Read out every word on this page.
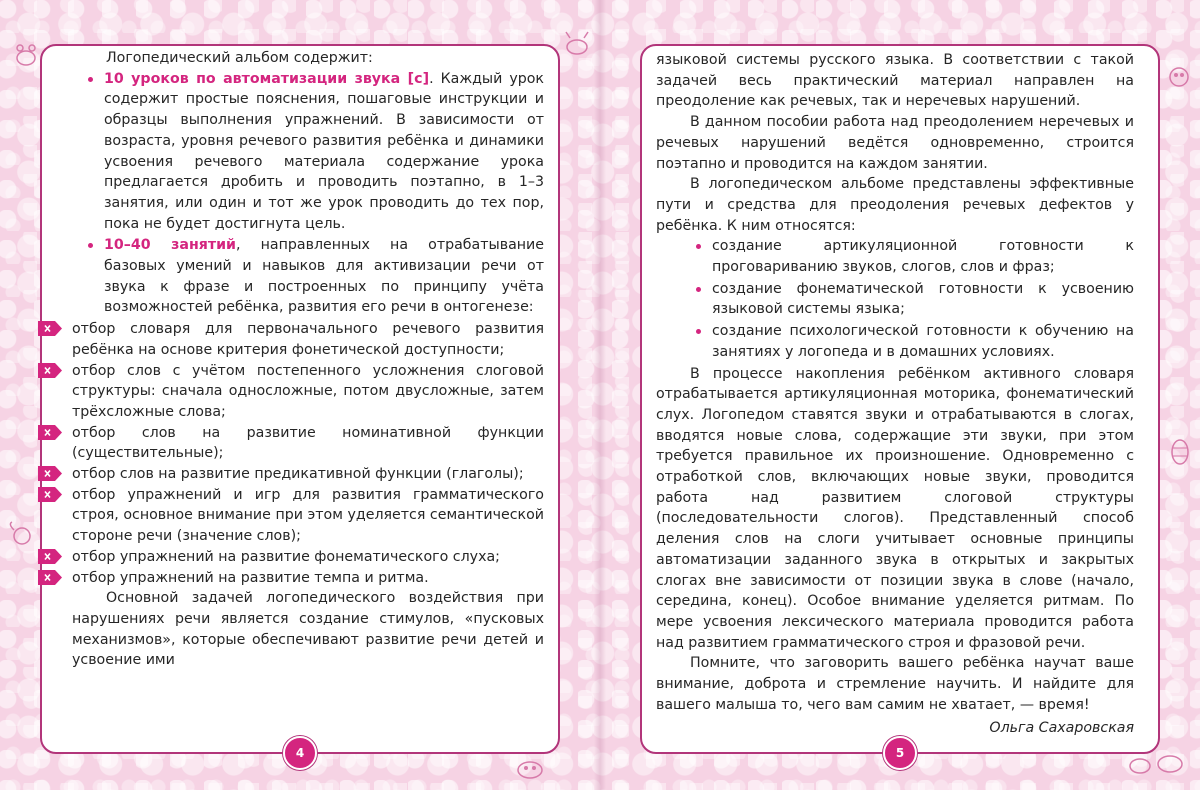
Логопедический альбом содержит:

10 уроков по автоматизации звука [с]. Каждый урок содержит простые пояснения, пошаговые инструкции и образцы выполнения упражнений. В зависимости от возраста, уровня речевого развития ребёнка и динамики усвоения речевого материала содержание урока предлагается дробить и проводить поэтапно, в 1–3 занятия, или один и тот же урок проводить до тех пор, пока не будет достигнута цель.
10–40 занятий, направленных на отрабатывание базовых умений и навыков для активизации речи от звука к фразе и построенных по принципу учёта возможностей ребёнка, развития его речи в онтогенезе:
отбор словаря для первоначального речевого развития ребёнка на основе критерия фонетической доступности;
отбор слов с учётом постепенного усложнения слоговой структуры: сначала односложные, потом двусложные, затем трёхсложные слова;
отбор слов на развитие номинативной функции (существительные);
отбор слов на развитие предикативной функции (глаголы);
отбор упражнений и игр для развития грамматического строя, основное внимание при этом уделяется семантической стороне речи (значение слов);
отбор упражнений на развитие фонематического слуха;
отбор упражнений на развитие темпа и ритма.

Основной задачей логопедического воздействия при нарушениях речи является создание стимулов, «пусковых механизмов», которые обеспечивают развитие речи детей и усвоение ими

4

языковой системы русского языка. В соответствии с такой задачей весь практический материал направлен на преодоление как речевых, так и неречевых нарушений.

В данном пособии работа над преодолением неречевых и речевых нарушений ведётся одновременно, строится поэтапно и проводится на каждом занятии.

В логопедическом альбоме представлены эффективные пути и средства для преодоления речевых дефектов у ребёнка. К ним относятся:

создание артикуляционной готовности к проговариванию звуков, слогов, слов и фраз;
создание фонематической готовности к усвоению языковой системы языка;
создание психологической готовности к обучению на занятиях у логопеда и в домашних условиях.

В процессе накопления ребёнком активного словаря отрабатывается артикуляционная моторика, фонематический слух. Логопедом ставятся звуки и отрабатываются в слогах, вводятся новые слова, содержащие эти звуки, при этом требуется правильное их произношение. Одновременно с отработкой слов, включающих новые звуки, проводится работа над развитием слоговой структуры (последовательности слогов). Представленный способ деления слов на слоги учитывает основные принципы автоматизации заданного звука в открытых и закрытых слогах вне зависимости от позиции звука в слове (начало, середина, конец). Особое внимание уделяется ритмам. По мере усвоения лексического материала проводится работа над развитием грамматического строя и фразовой речи.

Помните, что заговорить вашего ребёнка научат ваше внимание, доброта и стремление научить. И найдите для вашего малыша то, чего вам самим не хватает, — время!

Ольга Сахаровская

5
